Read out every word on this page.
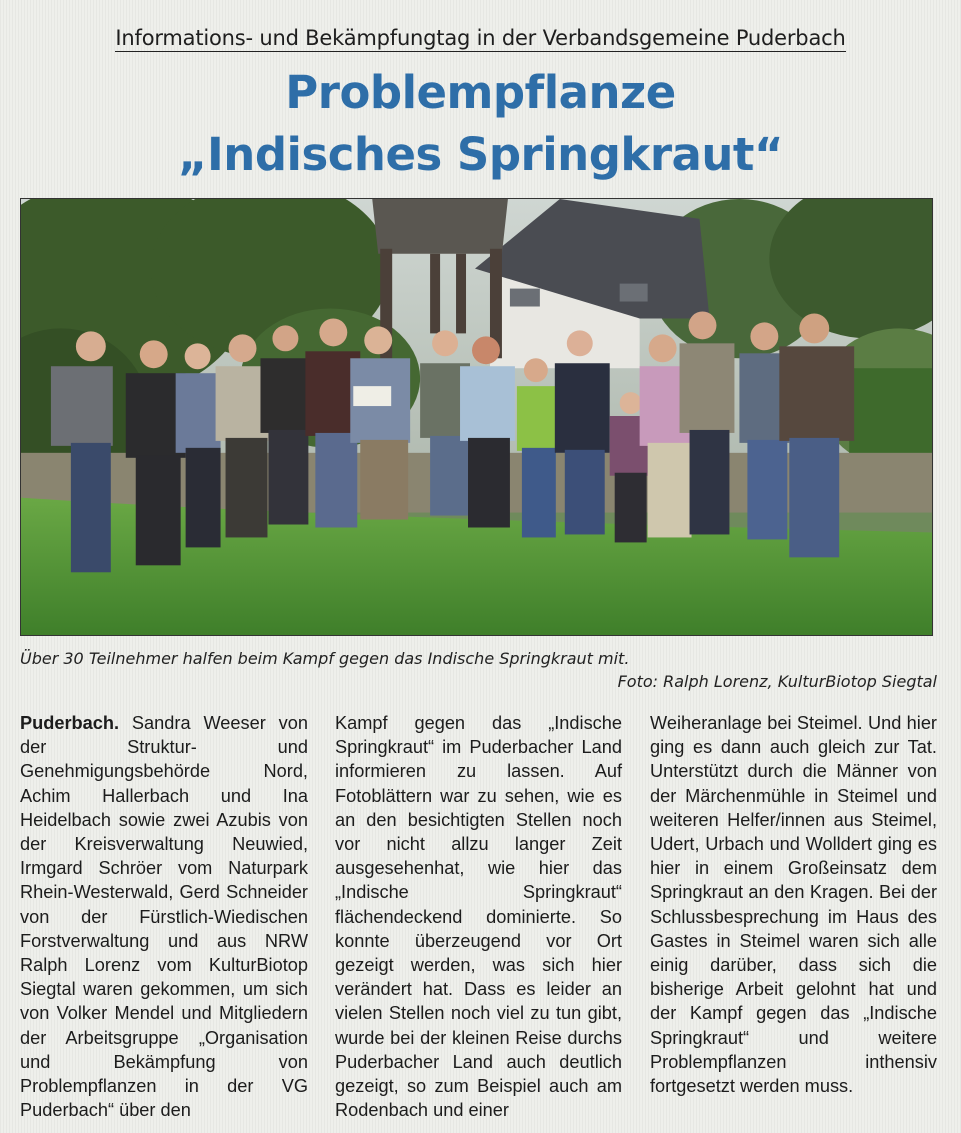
Informations- und Bekämpfungtag in der Verbandsgemeine Puderbach
Problempflanze
„Indisches Springkraut“
Über 30 Teilnehmer halfen beim Kampf gegen das Indische Springkraut mit.
Foto: Ralph Lorenz, KulturBiotop Siegtal

Puderbach. Sandra Weeser von der Struktur- und Genehmigungsbehörde Nord, Achim Hallerbach und Ina Heidelbach sowie zwei Azubis von der Kreisverwaltung Neuwied, Irmgard Schröer vom Naturpark Rhein-Westerwald, Gerd Schneider von der Fürstlich-Wiedischen Forstverwaltung und aus NRW Ralph Lorenz vom KulturBiotop Siegtal waren gekommen, um sich von Volker Mendel und Mitgliedern der Arbeitsgruppe „Organisation und Bekämpfung von Problempflanzen in der VG Puderbach“ über den

Kampf gegen das „Indische Springkraut“ im Puderbacher Land informieren zu lassen. Auf Fotoblättern war zu sehen, wie es an den besichtigten Stellen noch vor nicht allzu langer Zeit ausgesehenhat, wie hier das „Indische Springkraut“ flächendeckend dominierte. So konnte überzeugend vor Ort gezeigt werden, was sich hier verändert hat. Dass es leider an vielen Stellen noch viel zu tun gibt, wurde bei der kleinen Reise durchs Puderbacher Land auch deutlich gezeigt, so zum Beispiel auch am Rodenbach und einer

Weiheranlage bei Steimel. Und hier ging es dann auch gleich zur Tat. Unterstützt durch die Männer von der Märchenmühle in Steimel und weiteren Helfer/innen aus Steimel, Udert, Urbach und Wolldert ging es hier in einem Großeinsatz dem Springkraut an den Kragen. Bei der Schlussbesprechung im Haus des Gastes in Steimel waren sich alle einig darüber, dass sich die bisherige Arbeit gelohnt hat und der Kampf gegen das „Indische Springkraut“ und weitere Problempflanzen inthensiv fortgesetzt werden muss.
